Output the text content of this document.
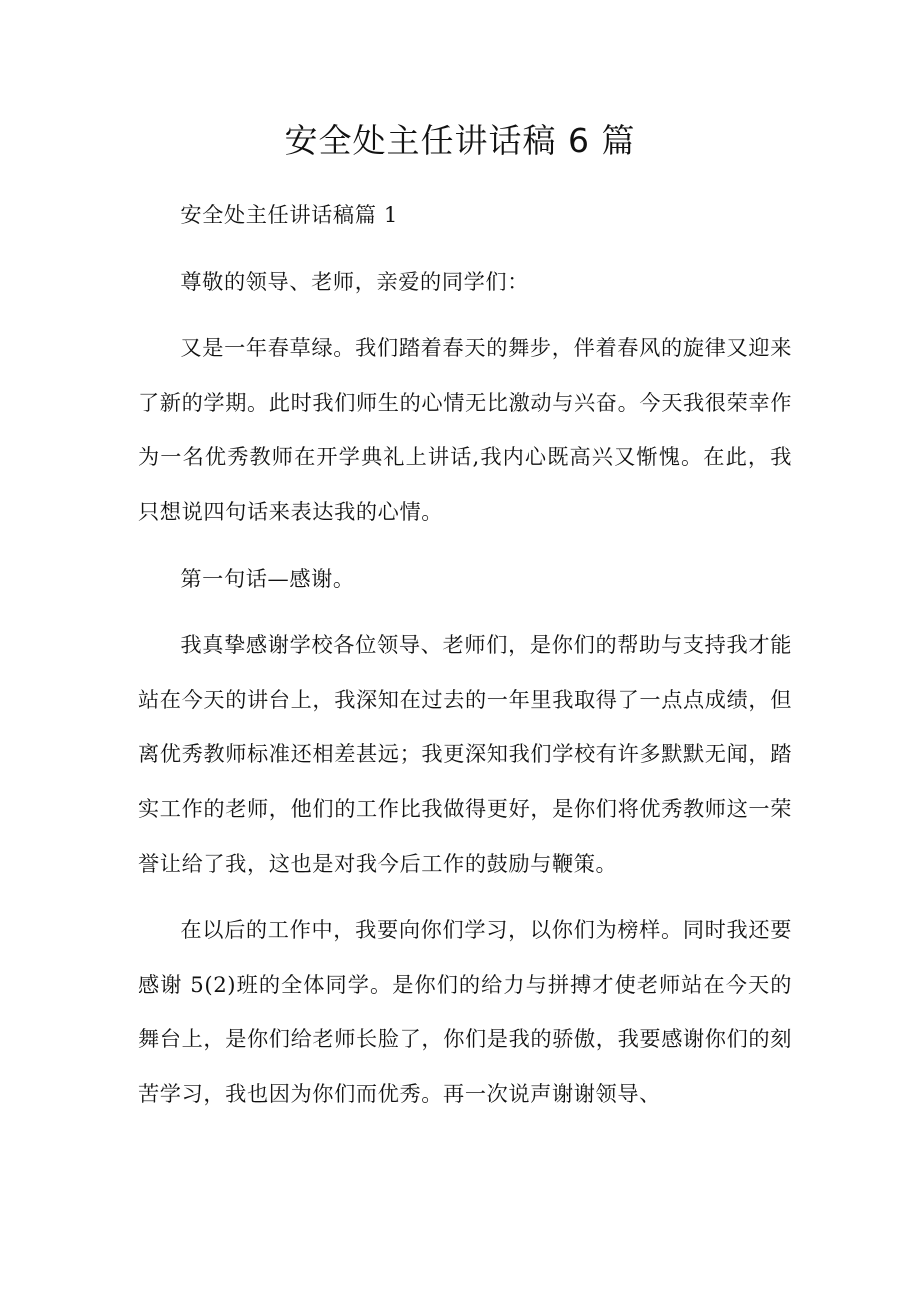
安全处主任讲话稿 6 篇

安全处主任讲话稿篇 1

尊敬的领导、老师，亲爱的同学们：

又是一年春草绿。我们踏着春天的舞步，伴着春风的旋律又迎来了新的学期。此时我们师生的心情无比激动与兴奋。今天我很荣幸作为一名优秀教师在开学典礼上讲话,我内心既高兴又惭愧。在此，我只想说四句话来表达我的心情。

第一句话—感谢。

我真挚感谢学校各位领导、老师们，是你们的帮助与支持我才能站在今天的讲台上，我深知在过去的一年里我取得了一点点成绩，但离优秀教师标准还相差甚远；我更深知我们学校有许多默默无闻，踏实工作的老师，他们的工作比我做得更好，是你们将优秀教师这一荣誉让给了我，这也是对我今后工作的鼓励与鞭策。

在以后的工作中，我要向你们学习，以你们为榜样。同时我还要感谢 5(2)班的全体同学。是你们的给力与拼搏才使老师站在今天的舞台上，是你们给老师长脸了，你们是我的骄傲，我要感谢你们的刻苦学习，我也因为你们而优秀。再一次说声谢谢领导、
